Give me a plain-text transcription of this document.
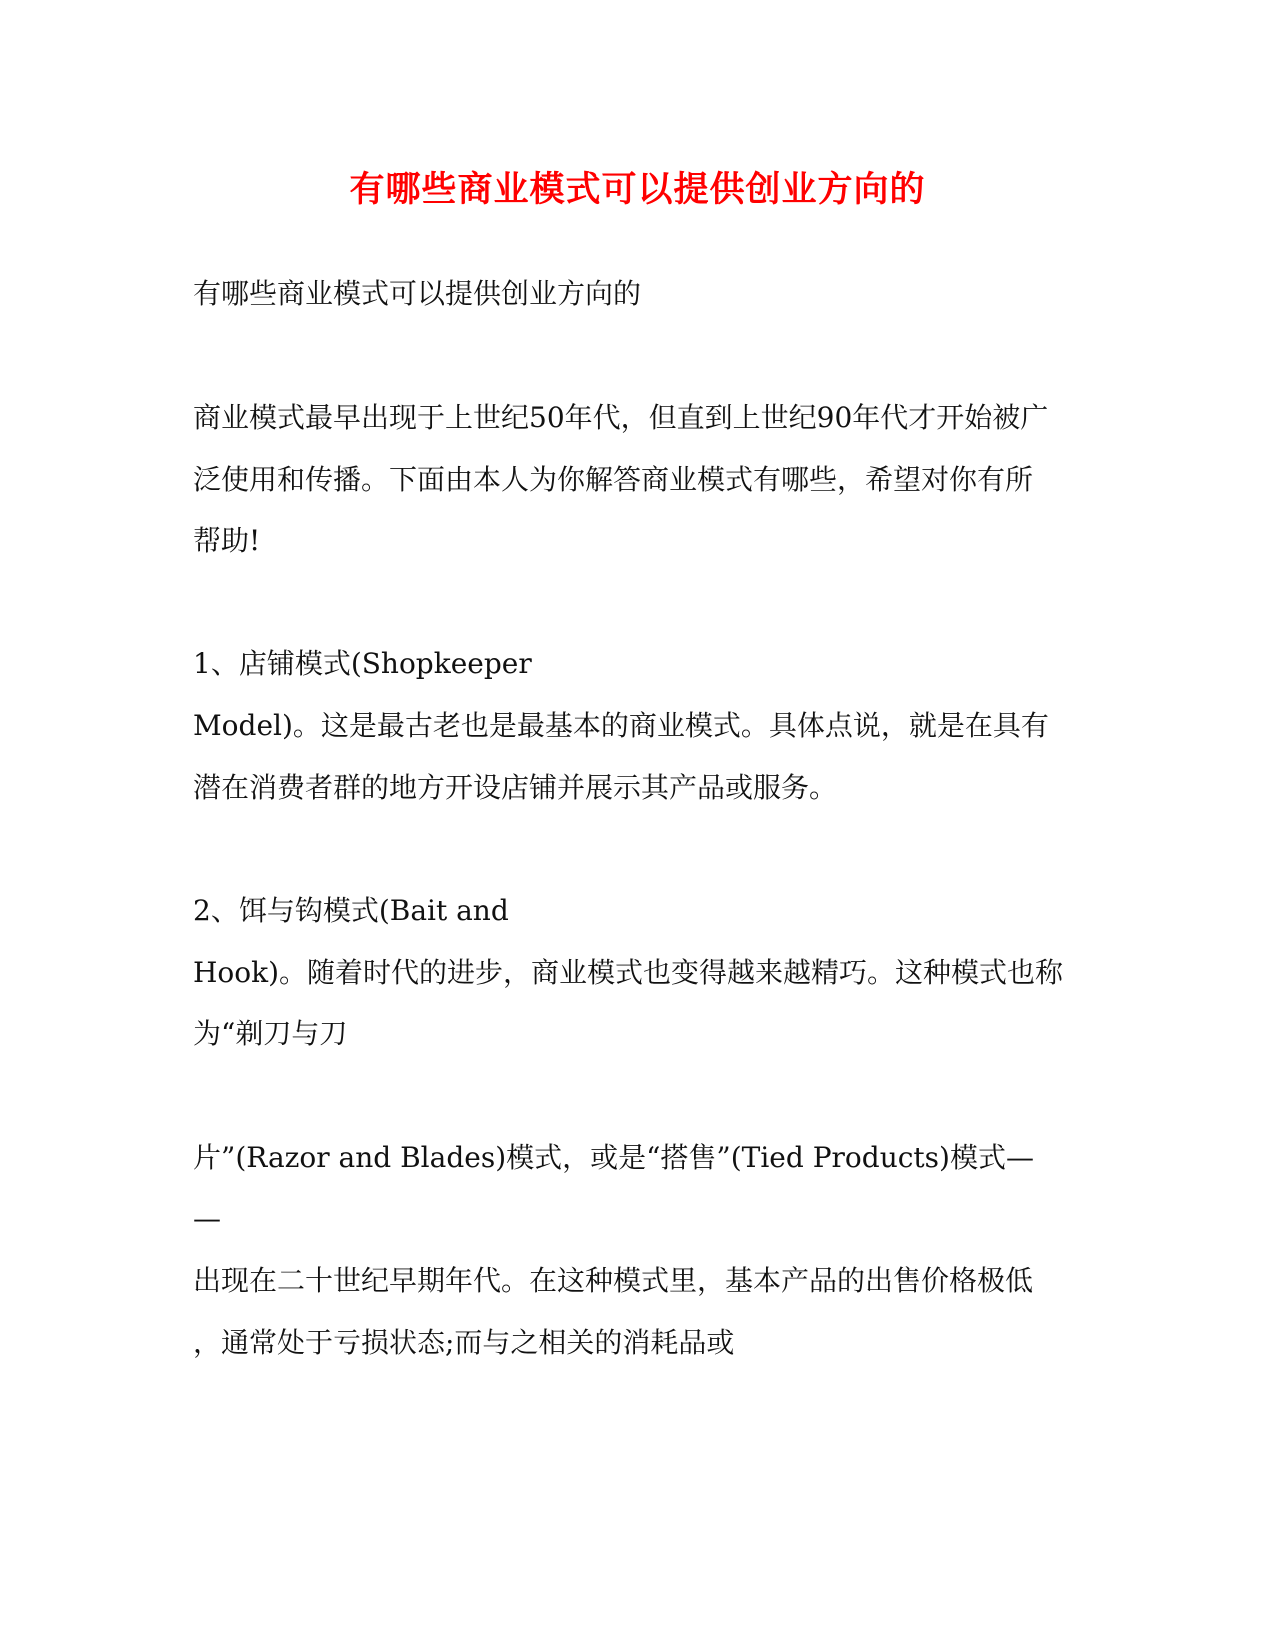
有哪些商业模式可以提供创业方向的
有哪些商业模式可以提供创业方向的
商业模式最早出现于上世纪50年代，但直到上世纪90年代才开始被广
泛使用和传播。下面由本人为你解答商业模式有哪些，希望对你有所
帮助!
1、店铺模式(Shopkeeper
Model)。这是最古老也是最基本的商业模式。具体点说，就是在具有
潜在消费者群的地方开设店铺并展示其产品或服务。
2、饵与钩模式(Bait and
Hook)。随着时代的进步，商业模式也变得越来越精巧。这种模式也称
为“剃刀与刀
片”(Razor and Blades)模式，或是“搭售”(Tied Products)模式—
—
出现在二十世纪早期年代。在这种模式里，基本产品的出售价格极低
，通常处于亏损状态;而与之相关的消耗品或
